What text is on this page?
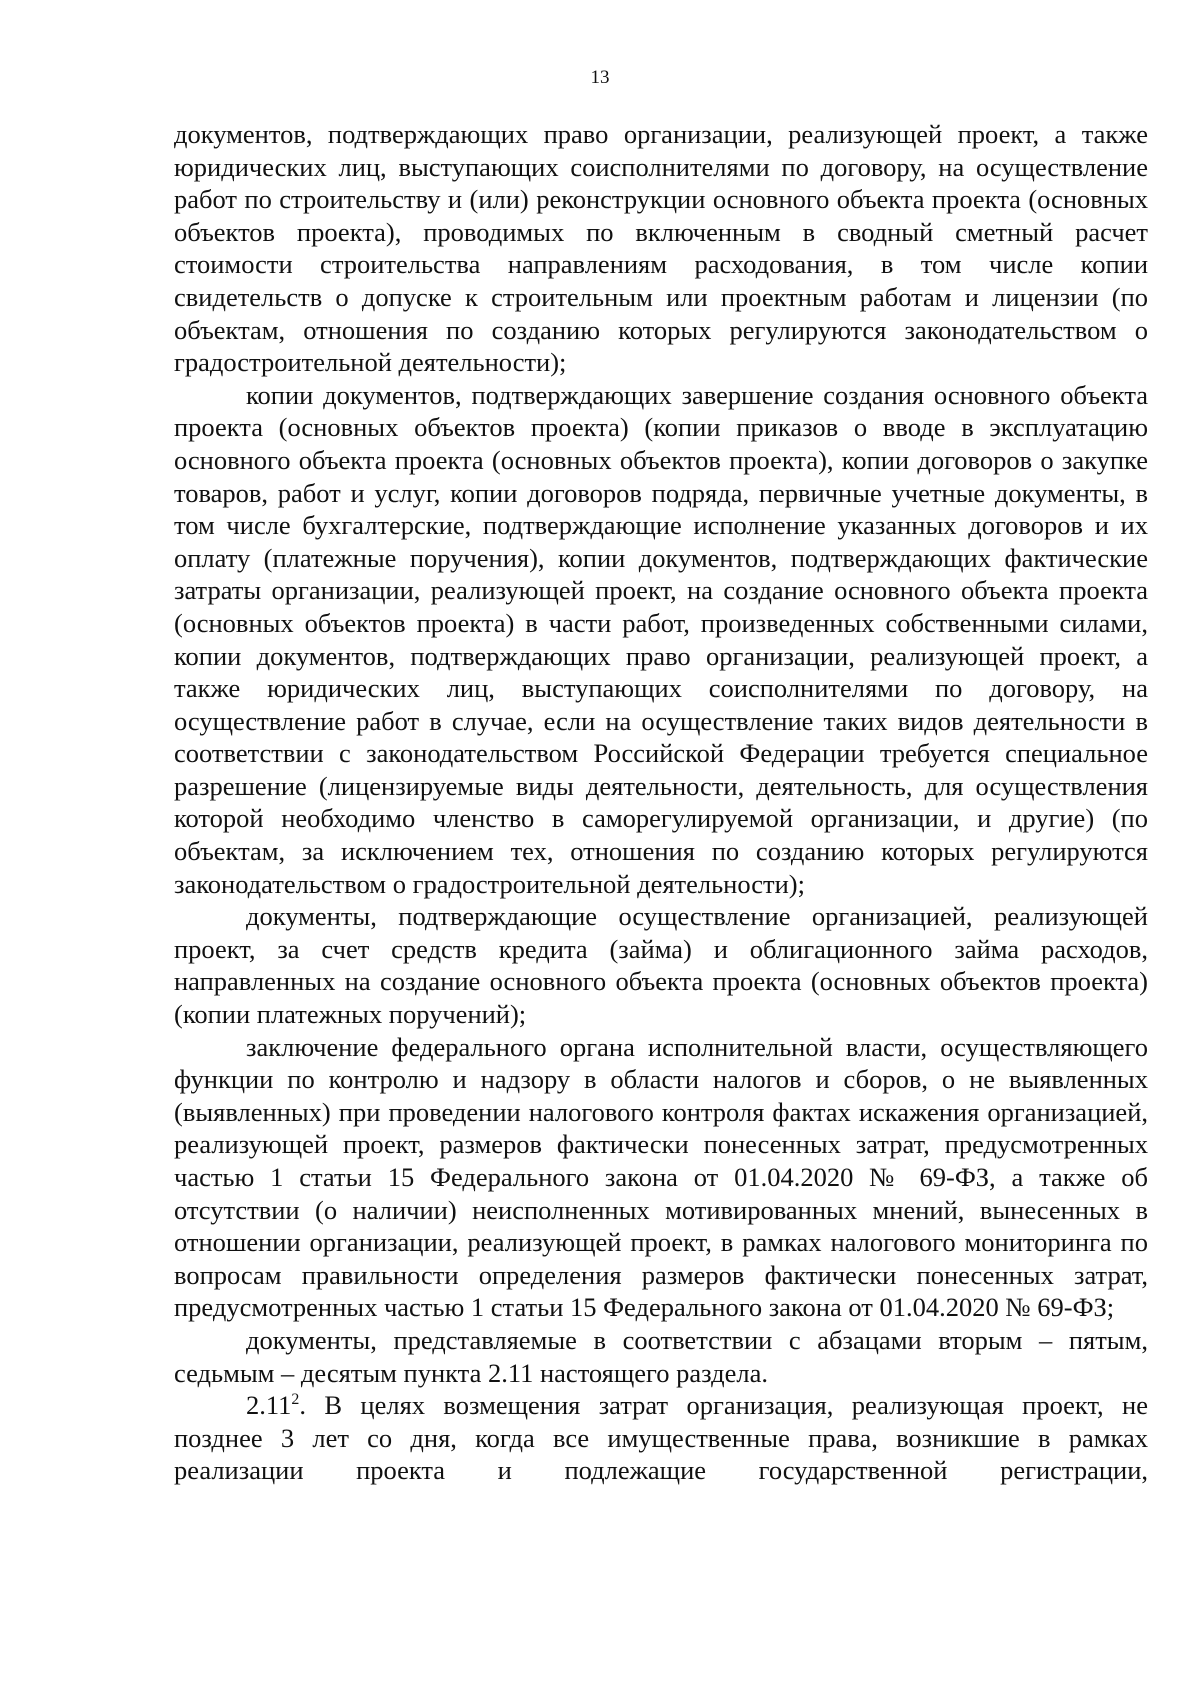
13

документов, подтверждающих право организации, реализующей проект, а также юридических лиц, выступающих соисполнителями по договору, на осуществление работ по строительству и (или) реконструкции основного объекта проекта (основных объектов проекта), проводимых по включенным в сводный сметный расчет стоимости строительства направлениям расходования, в том числе копии свидетельств о допуске к строительным или проектным работам и лицензии (по объектам, отношения по созданию которых регулируются законодательством о градостроительной деятельности);

копии документов, подтверждающих завершение создания основного объекта проекта (основных объектов проекта) (копии приказов о вводе в эксплуатацию основного объекта проекта (основных объектов проекта), копии договоров о закупке товаров, работ и услуг, копии договоров подряда, первичные учетные документы, в том числе бухгалтерские, подтверждающие исполнение указанных договоров и их оплату (платежные поручения), копии документов, подтверждающих фактические затраты организации, реализующей проект, на создание основного объекта проекта (основных объектов проекта) в части работ, произведенных собственными силами, копии документов, подтверждающих право организации, реализующей проект, а также юридических лиц, выступающих соисполнителями по договору, на осуществление работ в случае, если на осуществление таких видов деятельности в соответствии с законодательством Российской Федерации требуется специальное разрешение (лицензируемые виды деятельности, деятельность, для осуществления которой необходимо членство в саморегулируемой организации, и другие) (по объектам, за исключением тех, отношения по созданию которых регулируются законодательством о градостроительной деятельности);

документы, подтверждающие осуществление организацией, реализующей проект, за счет средств кредита (займа) и облигационного займа расходов, направленных на создание основного объекта проекта (основных объектов проекта) (копии платежных поручений);

заключение федерального органа исполнительной власти, осуществляющего функции по контролю и надзору в области налогов и сборов, о не выявленных (выявленных) при проведении налогового контроля фактах искажения организацией, реализующей проект, размеров фактически понесенных затрат, предусмотренных частью 1 статьи 15 Федерального закона от 01.04.2020 № 69-ФЗ, а также об отсутствии (о наличии) неисполненных мотивированных мнений, вынесенных в отношении организации, реализующей проект, в рамках налогового мониторинга по вопросам правильности определения размеров фактически понесенных затрат, предусмотренных частью 1 статьи 15 Федерального закона от 01.04.2020 № 69-ФЗ;

документы, представляемые в соответствии с абзацами вторым – пятым, седьмым – десятым пункта 2.11 настоящего раздела.

2.11$^2$. В целях возмещения затрат организация, реализующая проект, не позднее 3 лет со дня, когда все имущественные права, возникшие в рамках реализации проекта и подлежащие государственной регистрации,
